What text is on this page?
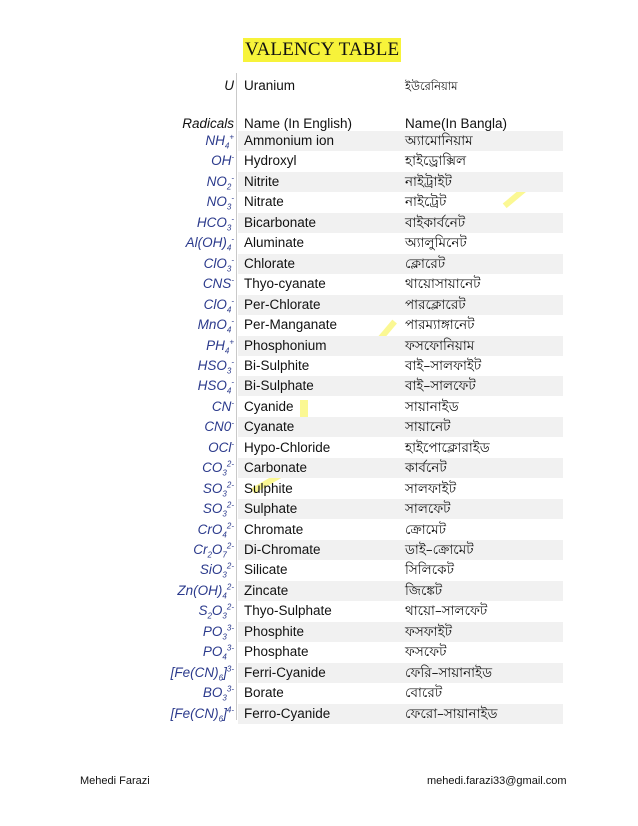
VALENCY TABLE
U Uranium	ইউরেনিয়াম
Radicals Name (In English)	Name(In Bangla)
$NH_4^+$ Ammonium ion	অ্যামোনিয়াম
OH- Hydroxyl	হাইড্রোক্সিল
$NO_2^-$ Nitrite	নাইট্রাইট
$NO_3^-$ Nitrate	নাইট্রেট
$HCO_3^-$ Bicarbonate	বাইকার্বনেট
$Al(OH)_4^-$ Aluminate	অ্যালুমিনেট
ClO$_3$- Chlorate	ক্লোরেট
CNS- Thyo-cyanate	থায়োসায়ানেট
ClO$_4$- Per-Chlorate	পারক্লোরেট
MnO$_4$- Per-Manganate	পারম্যাঙ্গানেট
$PH_4^+$ Phosphonium	ফসফোনিয়াম
$HSO_3^-$ Bi-Sulphite	বাই–সালফাইট
$HSO_4^-$ Bi-Sulphate	বাই–সালফেট
CN- Cyanide	সায়ানাইড
CN0- Cyanate	সায়ানেট
OCl- Hypo-Chloride	হাইপোক্লোরাইড
$CO_3^{2-}$ Carbonate	কার্বনেট
$SO_3^{2-}$ Sulphite	সালফাইট
$SO_3^{2-}$ Sulphate	সালফেট
CrO$_4^{2-}$ Chromate	ক্রোমেট
$Cr_2O_7^{2-}$ Di-Chromate	ডাই–ক্রোমেট
SiO$_3^{2-}$ Silicate	সিলিকেট
$Zn(OH)_4^{2-}$ Zincate	জিঙ্কেট
$S_2O_3^{2-}$ Thyo-Sulphate	থায়ো–সালফেট
$PO_3^{3-}$ Phosphite	ফসফাইট
$PO_4^{3-}$ Phosphate	ফসফেট
$[Fe(CN)_6]^{3-}$ Ferri-Cyanide	ফেরি–সায়ানাইড
$BO_3^{3-}$ Borate	বোরেট
$[Fe(CN)_6]^{4-}$ Ferro-Cyanide	ফেরো–সায়ানাইড
Mehedi Farazi	mehedi.farazi33@gmail.com
